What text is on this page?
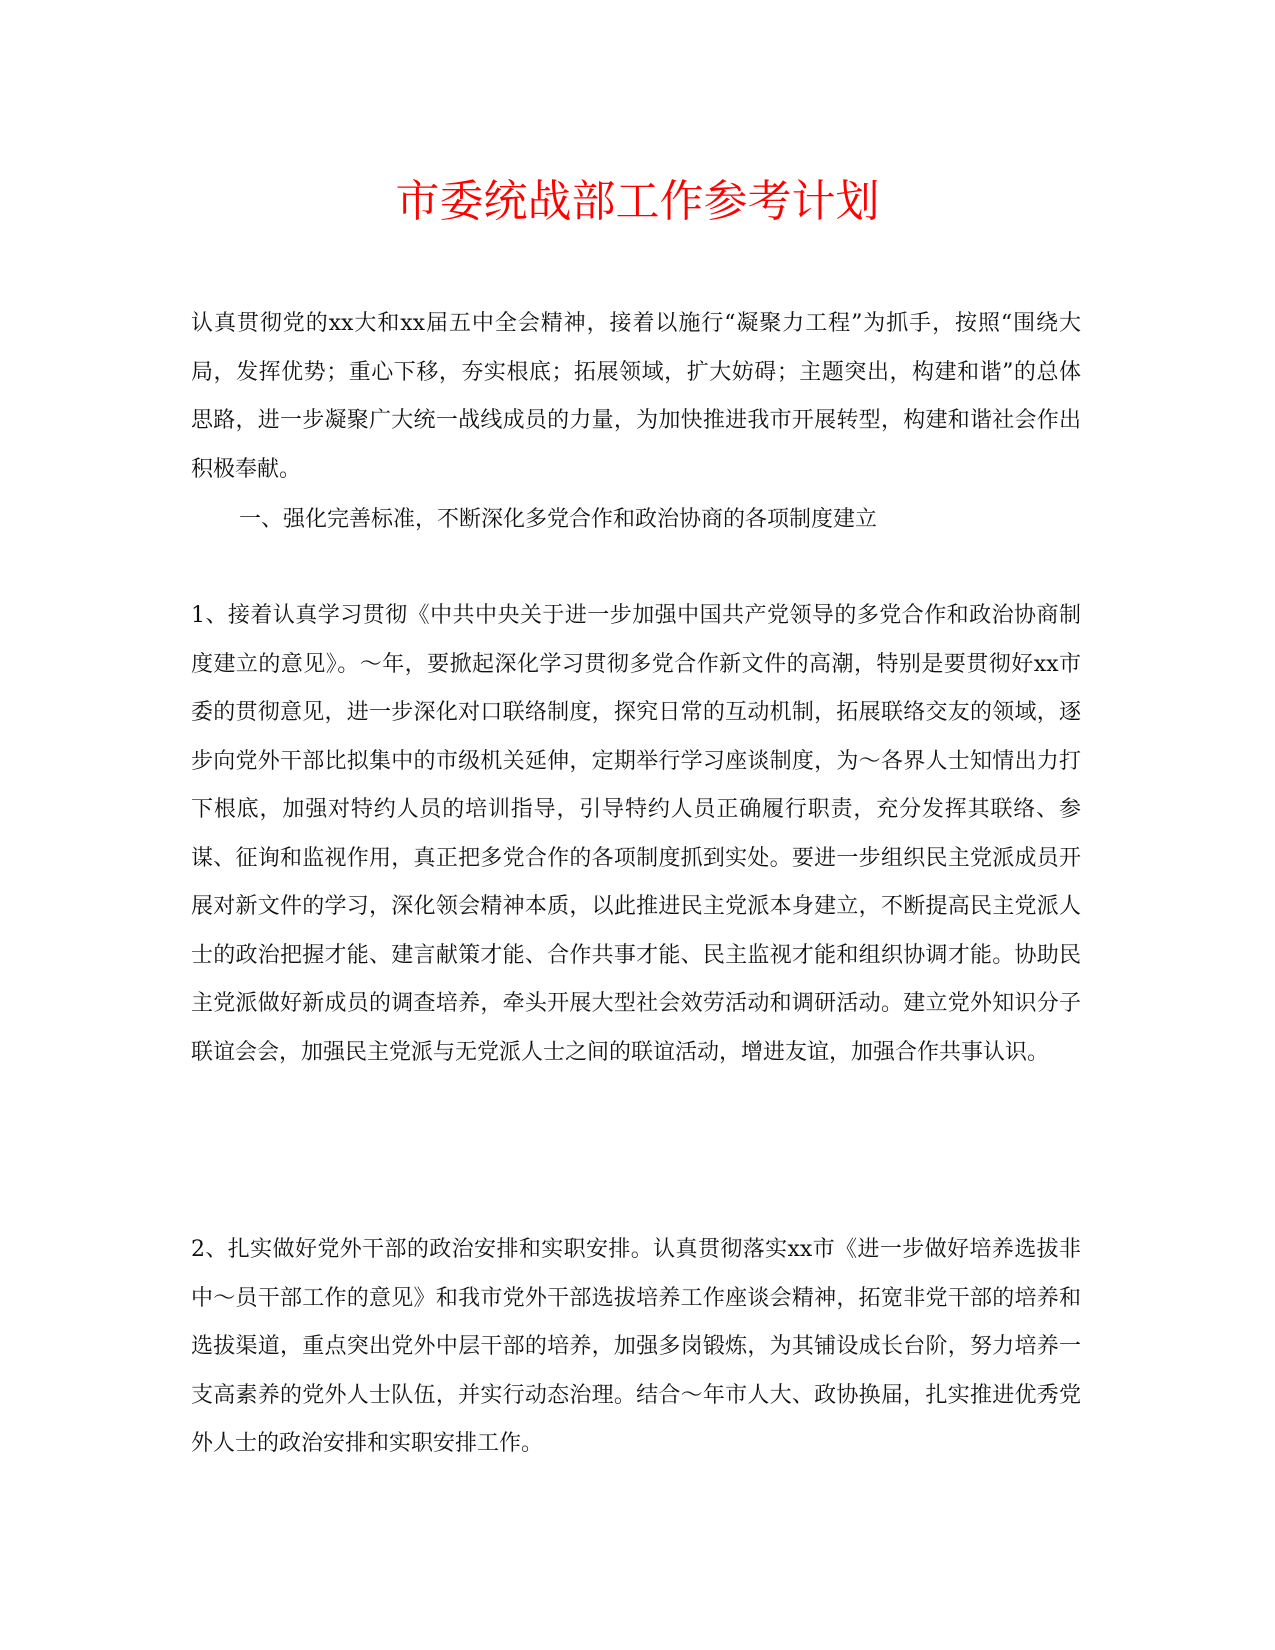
市委统战部工作参考计划

认真贯彻党的xx大和xx届五中全会精神，接着以施行“凝聚力工程”为抓手，按照“围绕大局，发挥优势；重心下移，夯实根底；拓展领域，扩大妨碍；主题突出，构建和谐”的总体思路，进一步凝聚广大统一战线成员的力量，为加快推进我市开展转型，构建和谐社会作出积极奉献。

一、强化完善标准，不断深化多党合作和政治协商的各项制度建立

1、接着认真学习贯彻《中共中央关于进一步加强中国共产党领导的多党合作和政治协商制度建立的意见》。～年，要掀起深化学习贯彻多党合作新文件的高潮，特别是要贯彻好xx市委的贯彻意见，进一步深化对口联络制度，探究日常的互动机制，拓展联络交友的领域，逐步向党外干部比拟集中的市级机关延伸，定期举行学习座谈制度，为～各界人士知情出力打下根底，加强对特约人员的培训指导，引导特约人员正确履行职责，充分发挥其联络、参谋、征询和监视作用，真正把多党合作的各项制度抓到实处。要进一步组织民主党派成员开展对新文件的学习，深化领会精神本质，以此推进民主党派本身建立，不断提高民主党派人士的政治把握才能、建言献策才能、合作共事才能、民主监视才能和组织协调才能。协助民主党派做好新成员的调查培养，牵头开展大型社会效劳活动和调研活动。建立党外知识分子联谊会会，加强民主党派与无党派人士之间的联谊活动，增进友谊，加强合作共事认识。

2、扎实做好党外干部的政治安排和实职安排。认真贯彻落实xx市《进一步做好培养选拔非中～员干部工作的意见》和我市党外干部选拔培养工作座谈会精神，拓宽非党干部的培养和选拔渠道，重点突出党外中层干部的培养，加强多岗锻炼，为其铺设成长台阶，努力培养一支高素养的党外人士队伍，并实行动态治理。结合～年市人大、政协换届，扎实推进优秀党外人士的政治安排和实职安排工作。
